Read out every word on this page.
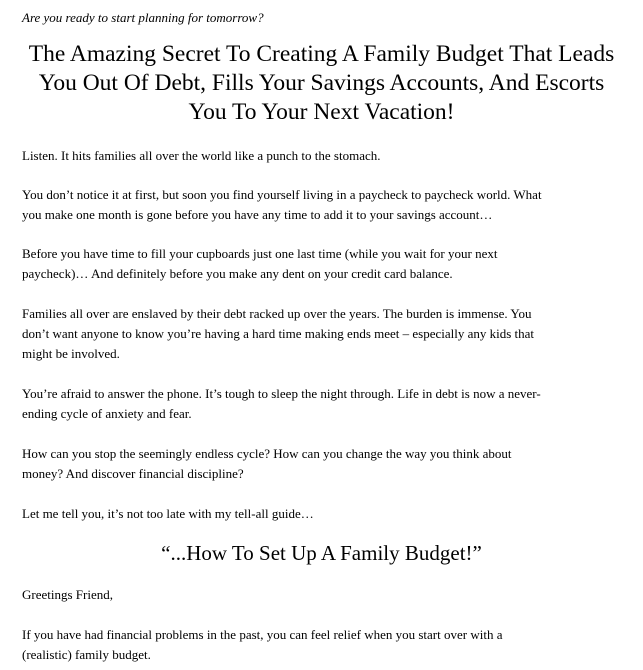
Are you ready to start planning for tomorrow?

The Amazing Secret To Creating A Family Budget That Leads
You Out Of Debt, Fills Your Savings Accounts, And Escorts
You To Your Next Vacation!

Listen. It hits families all over the world like a punch to the stomach.

You don’t notice it at first, but soon you find yourself living in a paycheck to paycheck world. What
you make one month is gone before you have any time to add it to your savings account…

Before you have time to fill your cupboards just one last time (while you wait for your next
paycheck)… And definitely before you make any dent on your credit card balance.

Families all over are enslaved by their debt racked up over the years. The burden is immense. You
don’t want anyone to know you’re having a hard time making ends meet – especially any kids that
might be involved.

You’re afraid to answer the phone. It’s tough to sleep the night through. Life in debt is now a never-
ending cycle of anxiety and fear.

How can you stop the seemingly endless cycle? How can you change the way you think about
money? And discover financial discipline?

Let me tell you, it’s not too late with my tell-all guide…

“...How To Set Up A Family Budget!”

Greetings Friend,

If you have had financial problems in the past, you can feel relief when you start over with a
(realistic) family budget.
